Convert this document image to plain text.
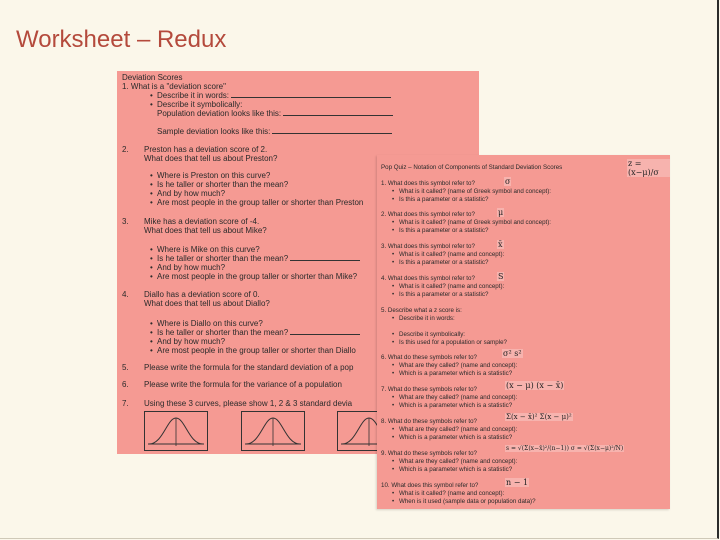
Worksheet – Redux
Deviation Scores
1. What is a "deviation score"
• Describe it in words:
• Describe it symbolically:
Population deviation looks like this:
Sample deviation looks like this:
2. Preston has a deviation score of 2.
What does that tell us about Preston?
• Where is Preston on this curve?
• Is he taller or shorter than the mean?
• And by how much?
• Are most people in the group taller or shorter than Preston
3. Mike has a deviation score of -4.
What does that tell us about Mike?
• Where is Mike on this curve?
• Is he taller or shorter than the mean?
• And by how much?
• Are most people in the group taller or shorter than Mike?
4. Diallo has a deviation score of 0.
What does that tell us about Diallo?
• Where is Diallo on this curve?
• Is he taller or shorter than the mean?
• And by how much?
• Are most people in the group taller or shorter than Diallo
5. Please write the formula for the standard deviation of a pop
6. Please write the formula for the variance of a population
7. Using these 3 curves, please show 1, 2 & 3 standard devia
Pop Quiz – Notation of Components of Standard Deviation Scores	z = (x−μ)/σ
1. What does this symbol refer to?	σ
• What is it called? (name of Greek symbol and concept):
• Is this a parameter or a statistic?
2. What does this symbol refer to?	μ
• What is it called? (name of Greek symbol and concept):
• Is this a parameter or a statistic?
3. What does this symbol refer to?	x̄
• What is it called? (name and concept):
• Is this a parameter or a statistic?
4. What does this symbol refer to?	S
• What is it called? (name and concept):
• Is this a parameter or a statistic?
5. Describe what a z score is:
• Describe it in words:
• Describe it symbolically:
• Is this used for a population or sample?
6. What do these symbols refer to?	σ² s²
• What are they called? (name and concept):
• Which is a parameter which is a statistic?
7. What do these symbols refer to?	(x − μ) (x − x̄)
• What are they called? (name and concept):
• Which is a parameter which is a statistic?
8. What do these symbols refer to?
Σ(x − x̄)² Σ(x − μ)²
• What are they called? (name and concept):
• Which is a parameter which is a statistic?
9. What do these symbols refer to?
s = √(Σ(x−x̄)²/(n−1)) σ = √(Σ(x−μ)²/N)
• What are they called? (name and concept):
• Which is a parameter which is a statistic?
10. What does this symbol refer to?	n − 1
• What is it called? (name and concept):
• When is it used (sample data or population data)?
